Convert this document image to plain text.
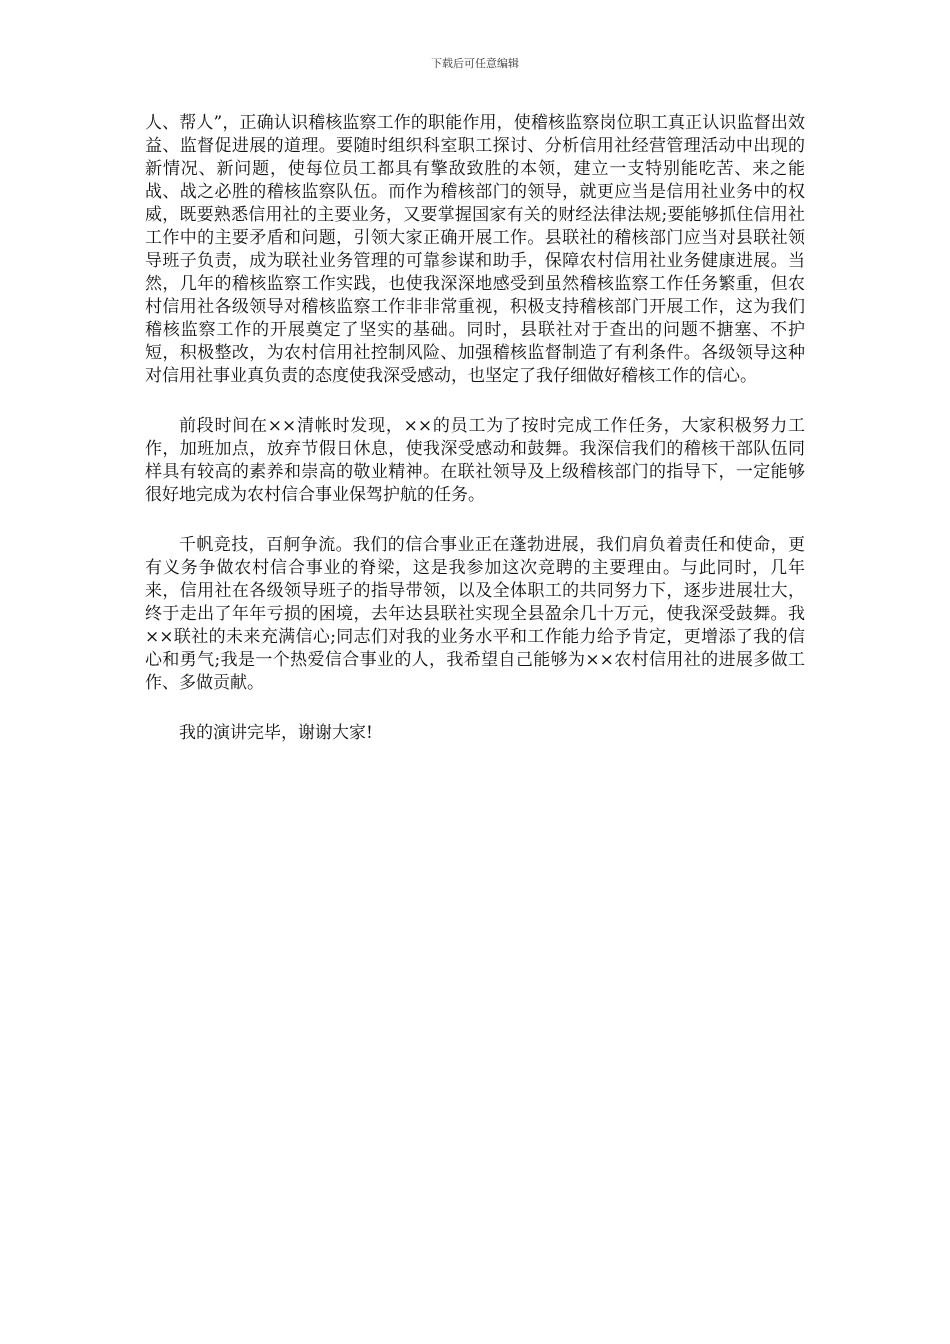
下载后可任意编辑

人、帮人”，正确认识稽核监察工作的职能作用，使稽核监察岗位职工真正认识监督出效益、监督促进展的道理。要随时组织科室职工探讨、分析信用社经营管理活动中出现的新情况、新问题，使每位员工都具有擎敌致胜的本领，建立一支特别能吃苦、来之能战、战之必胜的稽核监察队伍。而作为稽核部门的领导，就更应当是信用社业务中的权威，既要熟悉信用社的主要业务，又要掌握国家有关的财经法律法规;要能够抓住信用社工作中的主要矛盾和问题，引领大家正确开展工作。县联社的稽核部门应当对县联社领导班子负责，成为联社业务管理的可靠参谋和助手，保障农村信用社业务健康进展。当然，几年的稽核监察工作实践，也使我深深地感受到虽然稽核监察工作任务繁重，但农村信用社各级领导对稽核监察工作非非常重视，积极支持稽核部门开展工作，这为我们稽核监察工作的开展奠定了坚实的基础。同时，县联社对于查出的问题不搪塞、不护短，积极整改，为农村信用社控制风险、加强稽核监督制造了有利条件。各级领导这种对信用社事业真负责的态度使我深受感动，也坚定了我仔细做好稽核工作的信心。

前段时间在××清帐时发现，××的员工为了按时完成工作任务，大家积极努力工作，加班加点，放弃节假日休息，使我深受感动和鼓舞。我深信我们的稽核干部队伍同样具有较高的素养和崇高的敬业精神。在联社领导及上级稽核部门的指导下，一定能够很好地完成为农村信合事业保驾护航的任务。

千帆竞技，百舸争流。我们的信合事业正在蓬勃进展，我们肩负着责任和使命，更有义务争做农村信合事业的脊梁，这是我参加这次竞聘的主要理由。与此同时，几年来，信用社在各级领导班子的指导带领，以及全体职工的共同努力下，逐步进展壮大，终于走出了年年亏损的困境，去年达县联社实现全县盈余几十万元，使我深受鼓舞。我××联社的未来充满信心;同志们对我的业务水平和工作能力给予肯定，更增添了我的信心和勇气;我是一个热爱信合事业的人，我希望自己能够为××农村信用社的进展多做工作、多做贡献。

我的演讲完毕，谢谢大家!
